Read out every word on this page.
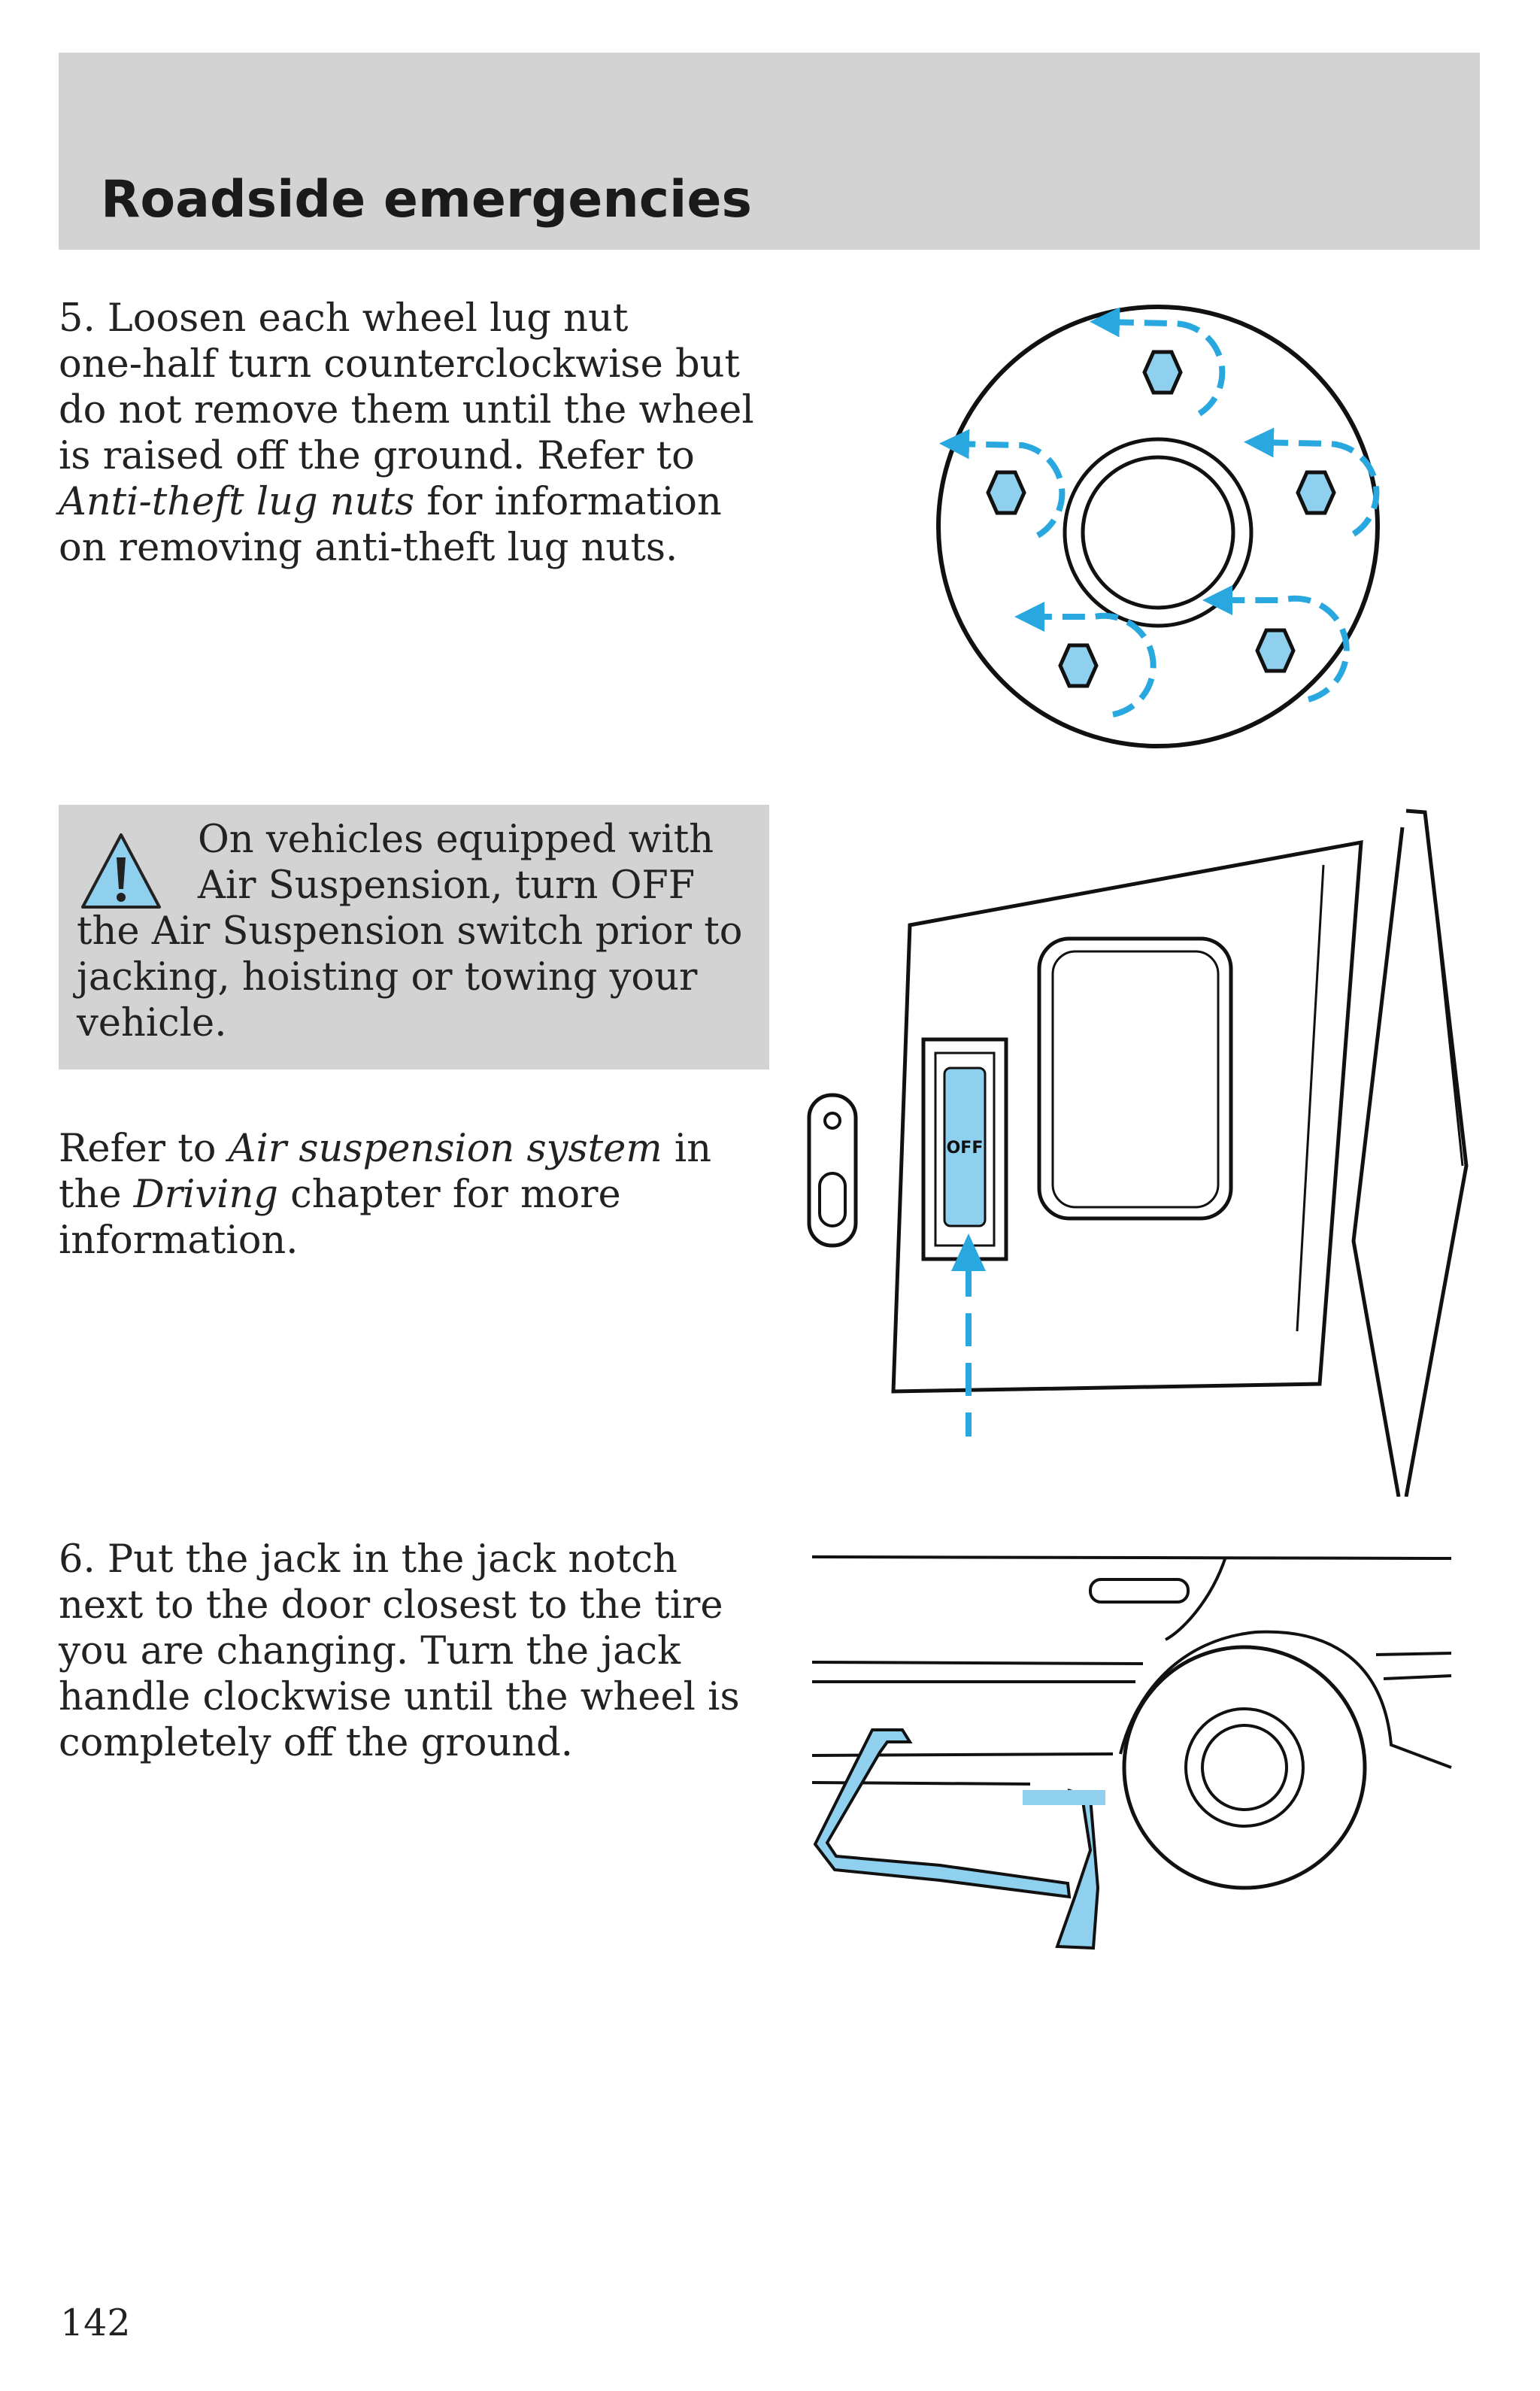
Roadside emergencies

5. Loosen each wheel lug nut
one-half turn counterclockwise but
do not remove them until the wheel
is raised off the ground. Refer to
Anti-theft lug nuts for information
on removing anti-theft lug nuts.

On vehicles equipped with
Air Suspension, turn OFF
the Air Suspension switch prior to
jacking, hoisting or towing your
vehicle.

Refer to Air suspension system in
the Driving chapter for more
information.

6. Put the jack in the jack notch
next to the door closest to the tire
you are changing. Turn the jack
handle clockwise until the wheel is
completely off the ground.

OFF

142
